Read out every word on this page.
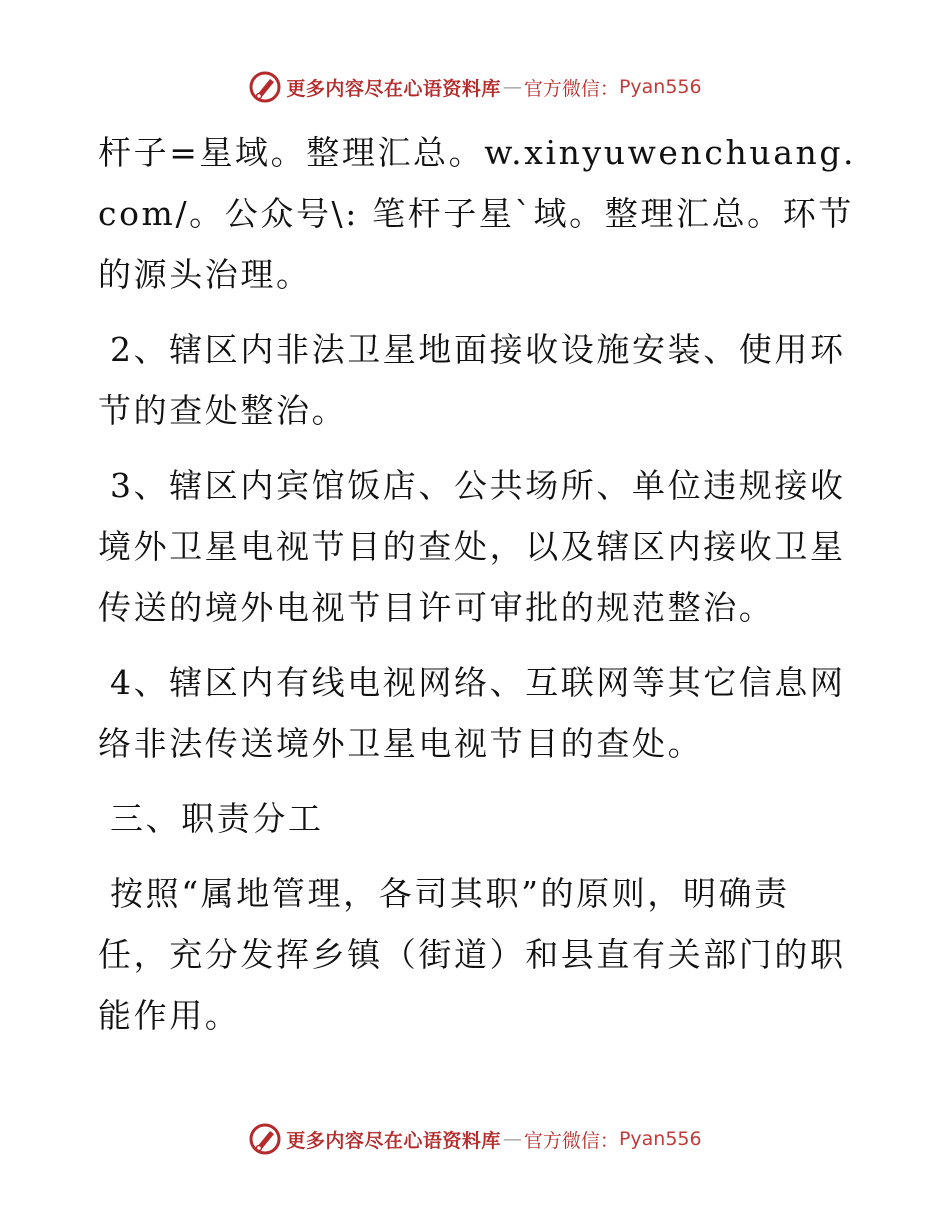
更多内容尽在心语资料库 — 官方微信： Pyan556

杆子=星域。整理汇总。w.xinyuwenchuang.com/。公众号\: 笔杆子星`域。整理汇总。环节的源头治理。

2、辖区内非法卫星地面接收设施安装、使用环节的查处整治。

3、辖区内宾馆饭店、公共场所、单位违规接收境外卫星电视节目的查处，以及辖区内接收卫星传送的境外电视节目许可审批的规范整治。

4、辖区内有线电视网络、互联网等其它信息网络非法传送境外卫星电视节目的查处。

三、职责分工

按照“属地管理，各司其职”的原则，明确责任，充分发挥乡镇（街道）和县直有关部门的职能作用。

更多内容尽在心语资料库 — 官方微信： Pyan556
